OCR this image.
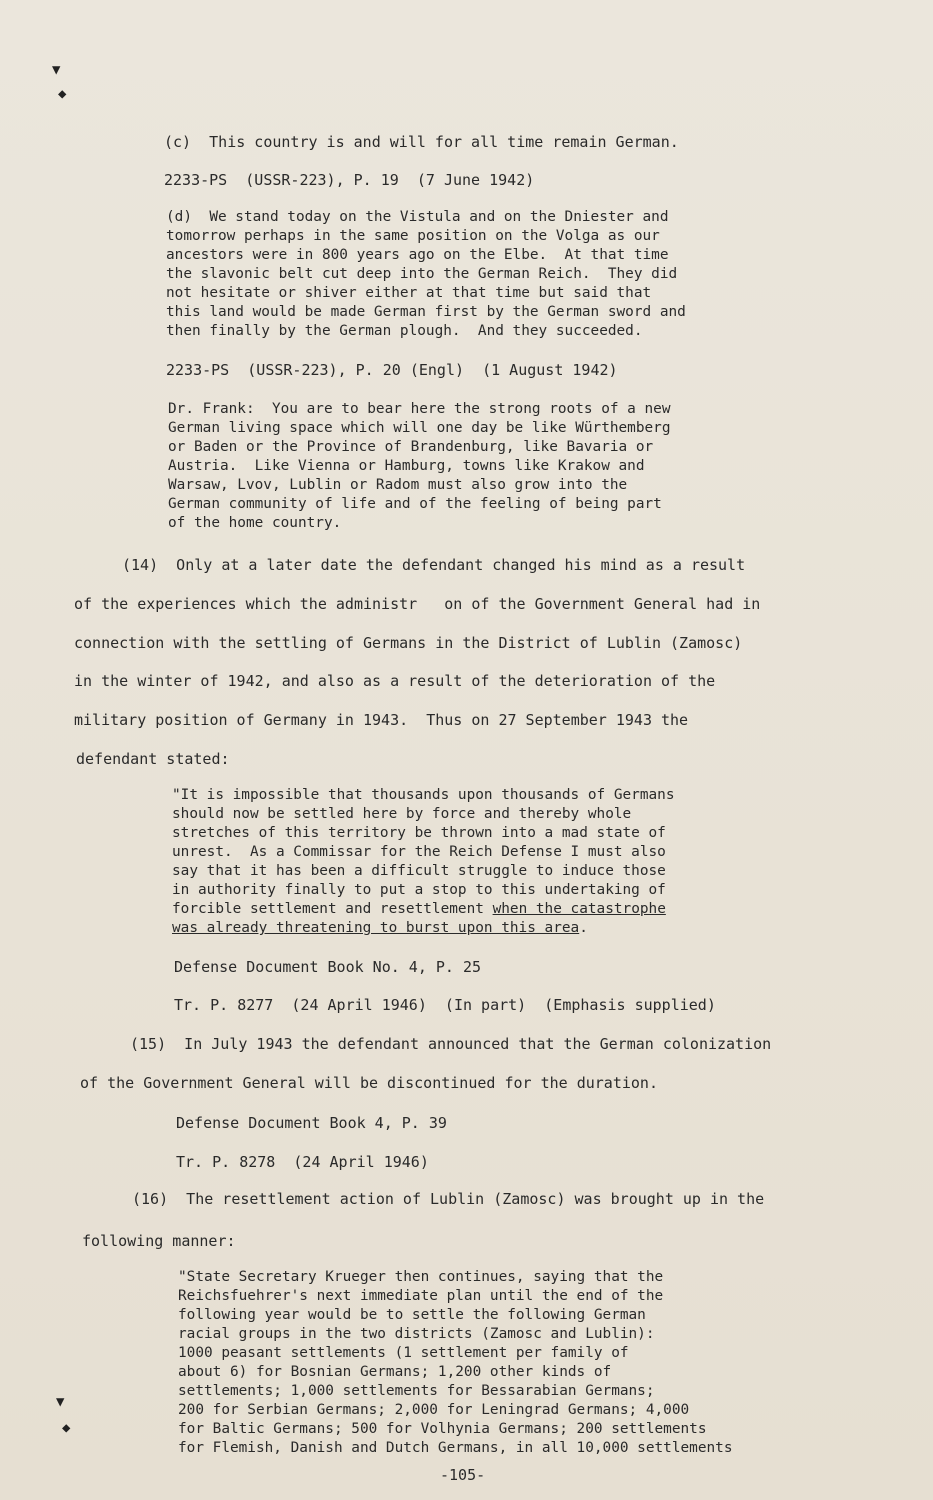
▼
◆
▼
◆
(c)  This country is and will for all time remain German.
2233-PS  (USSR-223), P. 19  (7 June 1942)
(d)  We stand today on the Vistula and on the Dniester and
tomorrow perhaps in the same position on the Volga as our
ancestors were in 800 years ago on the Elbe.  At that time
the slavonic belt cut deep into the German Reich.  They did
not hesitate or shiver either at that time but said that
this land would be made German first by the German sword and
then finally by the German plough.  And they succeeded.
2233-PS  (USSR-223), P. 20 (Engl)  (1 August 1942)
Dr. Frank:  You are to bear here the strong roots of a new
German living space which will one day be like Würthemberg
or Baden or the Province of Brandenburg, like Bavaria or
Austria.  Like Vienna or Hamburg, towns like Krakow and
Warsaw, Lvov, Lublin or Radom must also grow into the
German community of life and of the feeling of being part
of the home country.
(14)  Only at a later date the defendant changed his mind as a result
of the experiences which the administr   on of the Government General had in
connection with the settling of Germans in the District of Lublin (Zamosc)
in the winter of 1942, and also as a result of the deterioration of the
military position of Germany in 1943.  Thus on 27 September 1943 the
defendant stated:
"It is impossible that thousands upon thousands of Germans
should now be settled here by force and thereby whole
stretches of this territory be thrown into a mad state of
unrest.  As a Commissar for the Reich Defense I must also
say that it has been a difficult struggle to induce those
in authority finally to put a stop to this undertaking of
forcible settlement and resettlement when the catastrophe
was already threatening to burst upon this area.
Defense Document Book No. 4, P. 25
Tr. P. 8277  (24 April 1946)  (In part)  (Emphasis supplied)
(15)  In July 1943 the defendant announced that the German colonization
of the Government General will be discontinued for the duration.
Defense Document Book 4, P. 39
Tr. P. 8278  (24 April 1946)
(16)  The resettlement action of Lublin (Zamosc) was brought up in the
following manner:
"State Secretary Krueger then continues, saying that the
Reichsfuehrer's next immediate plan until the end of the
following year would be to settle the following German
racial groups in the two districts (Zamosc and Lublin):
1000 peasant settlements (1 settlement per family of
about 6) for Bosnian Germans; 1,200 other kinds of
settlements; 1,000 settlements for Bessarabian Germans;
200 for Serbian Germans; 2,000 for Leningrad Germans; 4,000
for Baltic Germans; 500 for Volhynia Germans; 200 settlements
for Flemish, Danish and Dutch Germans, in all 10,000 settlements
-105-
